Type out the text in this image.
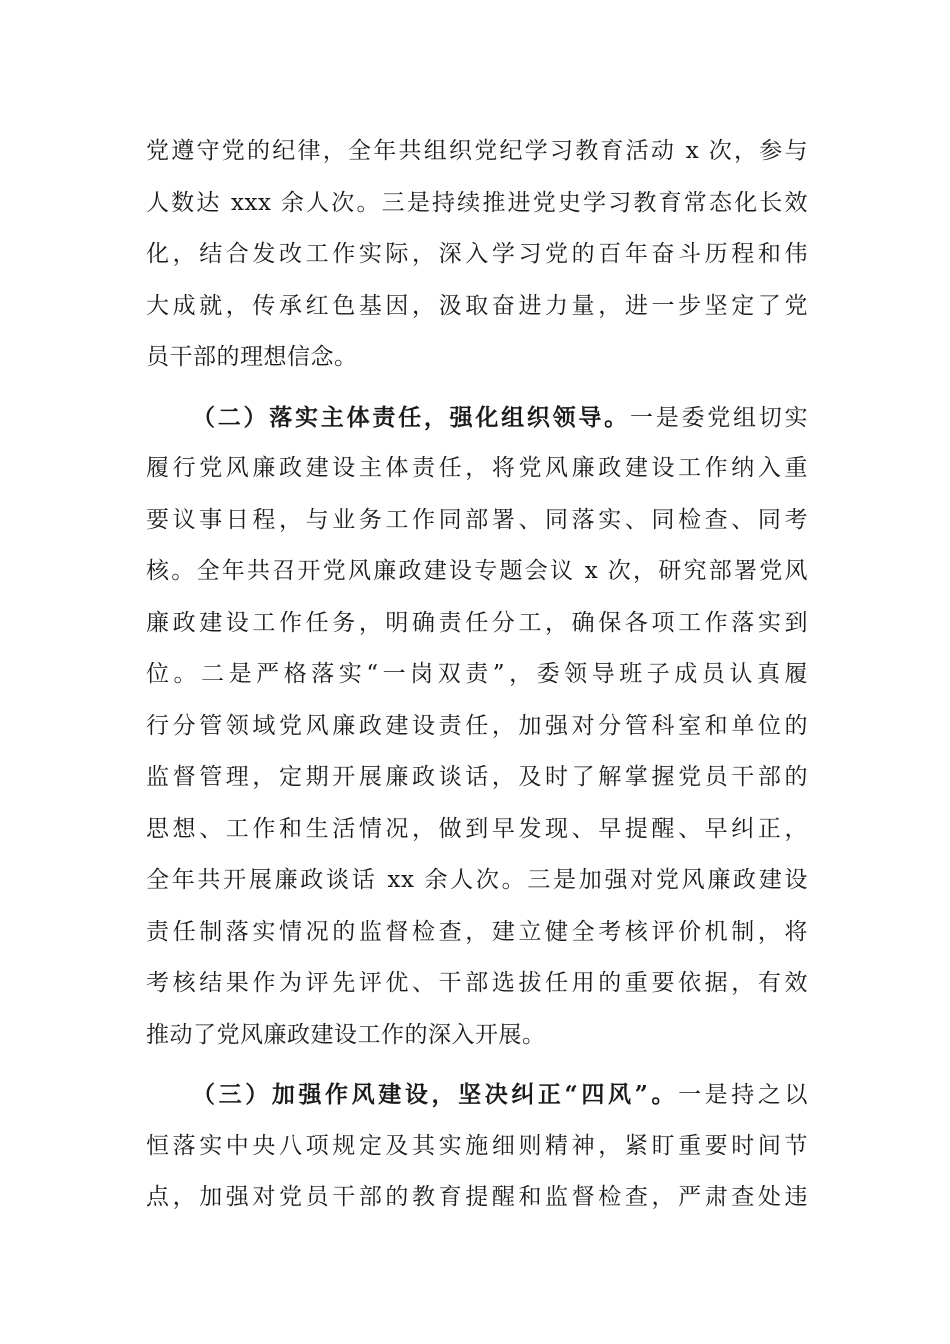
党遵守党的纪律，全年共组织党纪学习教育活动 x 次，参与
人数达 xxx 余人次。三是持续推进党史学习教育常态化长效
化，结合发改工作实际，深入学习党的百年奋斗历程和伟
大成就，传承红色基因，汲取奋进力量，进一步坚定了党
员干部的理想信念。
（二）落实主体责任，强化组织领导。一是委党组切实
履行党风廉政建设主体责任，将党风廉政建设工作纳入重
要议事日程，与业务工作同部署、同落实、同检查、同考
核。全年共召开党风廉政建设专题会议 x 次，研究部署党风
廉政建设工作任务，明确责任分工，确保各项工作落实到
位。二是严格落实“一岗双责”，委领导班子成员认真履
行分管领域党风廉政建设责任，加强对分管科室和单位的
监督管理，定期开展廉政谈话，及时了解掌握党员干部的
思想、工作和生活情况，做到早发现、早提醒、早纠正，
全年共开展廉政谈话 xx 余人次。三是加强对党风廉政建设
责任制落实情况的监督检查，建立健全考核评价机制，将
考核结果作为评先评优、干部选拔任用的重要依据，有效
推动了党风廉政建设工作的深入开展。
（三）加强作风建设，坚决纠正“四风”。一是持之以
恒落实中央八项规定及其实施细则精神，紧盯重要时间节
点，加强对党员干部的教育提醒和监督检查，严肃查处违
